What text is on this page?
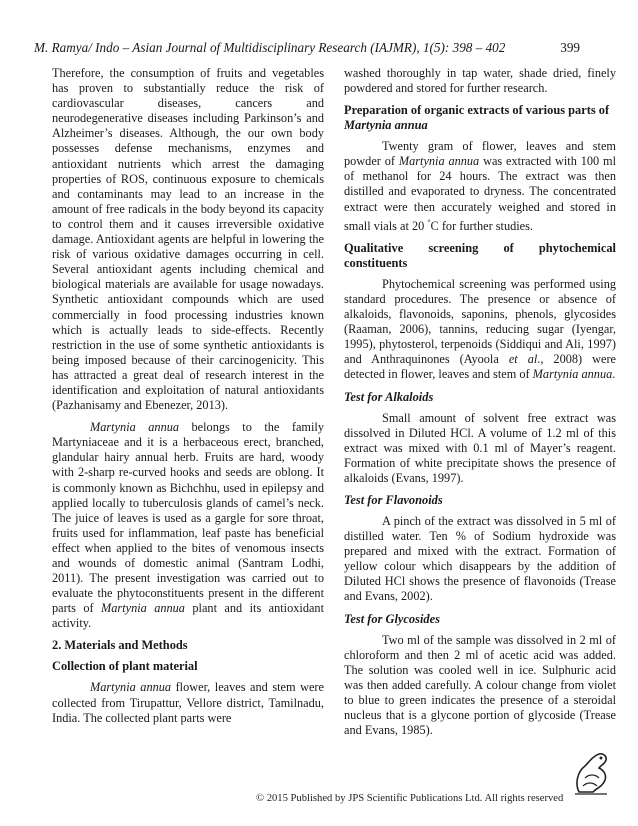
M. Ramya/ Indo – Asian Journal of Multidisciplinary Research (IAJMR), 1(5): 398 – 402	399

Therefore, the consumption of fruits and vegetables has proven to substantially reduce the risk of cardiovascular diseases, cancers and neurodegenerative diseases including Parkinson’s and Alzheimer’s diseases. Although, the our own body possesses defense mechanisms, enzymes and antioxidant nutrients which arrest the damaging properties of ROS, continuous exposure to chemicals and contaminants may lead to an increase in the amount of free radicals in the body beyond its capacity to control them and it causes irreversible oxidative damage. Antioxidant agents are helpful in lowering the risk of various oxidative damages occurring in cell. Several antioxidant agents including chemical and biological materials are available for usage nowadays. Synthetic antioxidant compounds which are used commercially in food processing industries known which is actually leads to side-effects. Recently restriction in the use of some synthetic antioxidants is being imposed because of their carcinogenicity. This has attracted a great deal of research interest in the identification and exploitation of natural antioxidants (Pazhanisamy and Ebenezer, 2013).

Martynia annua belongs to the family Martyniaceae and it is a herbaceous erect, branched, glandular hairy annual herb. Fruits are hard, woody with 2-sharp re-curved hooks and seeds are oblong. It is commonly known as Bichchhu, used in epilepsy and applied locally to tuberculosis glands of camel’s neck. The juice of leaves is used as a gargle for sore throat, fruits used for inflammation, leaf paste has beneficial effect when applied to the bites of venomous insects and wounds of domestic animal (Santram Lodhi, 2011). The present investigation was carried out to evaluate the phytoconstituents present in the different parts of Martynia annua plant and its antioxidant activity.

2. Materials and Methods
Collection of plant material

Martynia annua flower, leaves and stem were collected from Tirupattur, Vellore district, Tamilnadu, India. The collected plant parts were

washed thoroughly in tap water, shade dried, finely powdered and stored for further research.

Preparation of organic extracts of various parts of Martynia annua

Twenty gram of flower, leaves and stem powder of Martynia annua was extracted with 100 ml of methanol for 24 hours. The extract was then distilled and evaporated to dryness. The concentrated extract were then accurately weighed and stored in small vials at 20 °C for further studies.

Qualitative screening of phytochemical constituents

Phytochemical screening was performed using standard procedures. The presence or absence of alkaloids, flavonoids, saponins, phenols, glycosides (Raaman, 2006), tannins, reducing sugar (Iyengar, 1995), phytosterol, terpenoids (Siddiqui and Ali, 1997) and Anthraquinones (Ayoola et al., 2008) were detected in flower, leaves and stem of Martynia annua.

Test for Alkaloids

Small amount of solvent free extract was dissolved in Diluted HCl. A volume of 1.2 ml of this extract was mixed with 0.1 ml of Mayer’s reagent. Formation of white precipitate shows the presence of alkaloids (Evans, 1997).

Test for Flavonoids

A pinch of the extract was dissolved in 5 ml of distilled water. Ten % of Sodium hydroxide was prepared and mixed with the extract. Formation of yellow colour which disappears by the addition of Diluted HCl shows the presence of flavonoids (Trease and Evans, 2002).

Test for Glycosides

Two ml of the sample was dissolved in 2 ml of chloroform and then 2 ml of acetic acid was added. The solution was cooled well in ice. Sulphuric acid was then added carefully. A colour change from violet to blue to green indicates the presence of a steroidal nucleus that is a glycone portion of glycoside (Trease and Evans, 1985).

© 2015 Published by JPS Scientific Publications Ltd. All rights reserved
